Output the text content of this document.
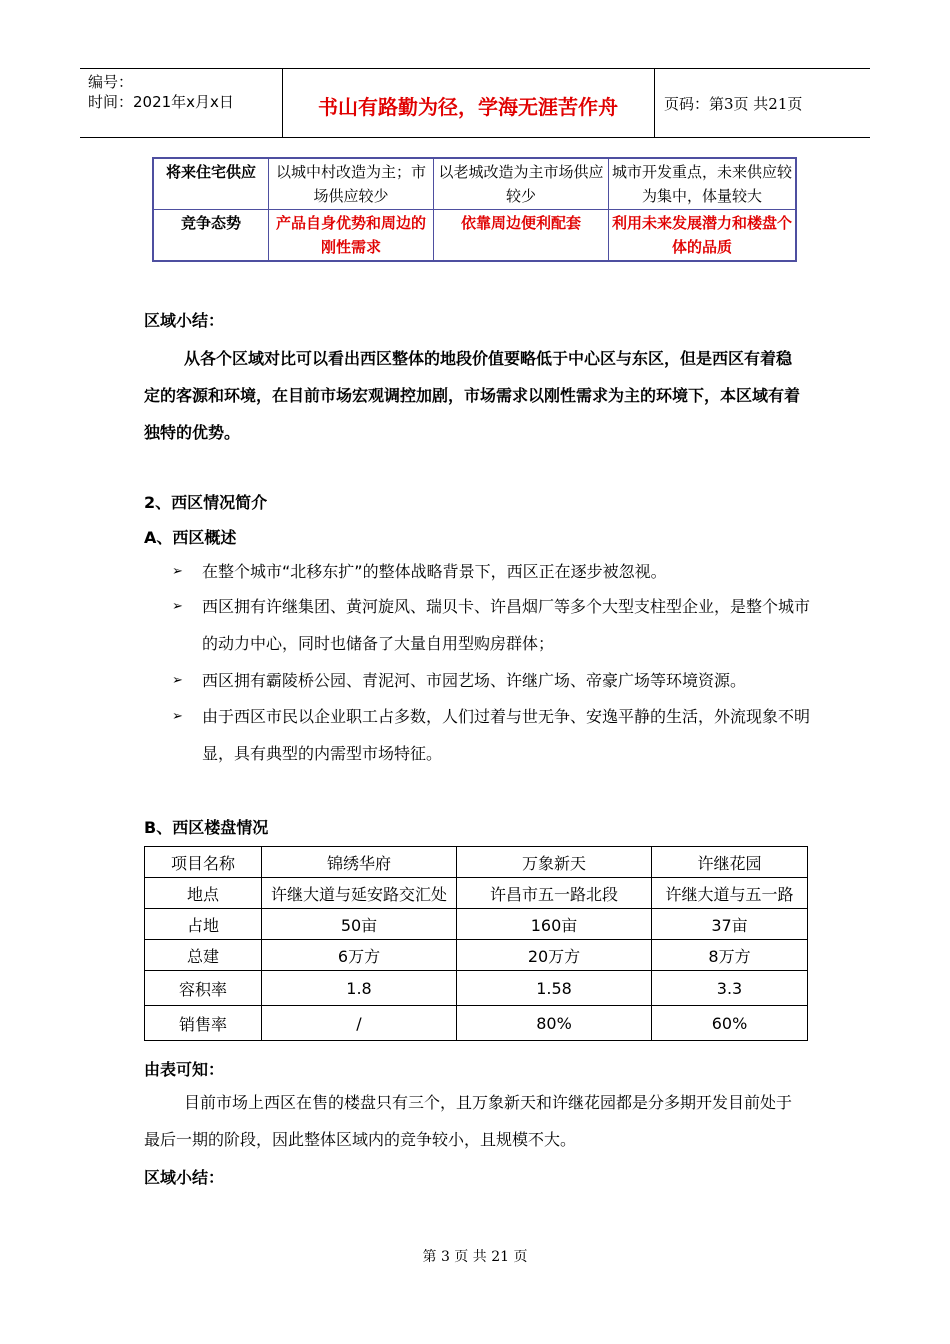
编号：
时间：2021年x月x日	书山有路勤为径，学海无涯苦作舟	页码：第3页 共21页
将来住宅供应	以城中村改造为主；市场供应较少	以老城改造为主市场供应较少	城市开发重点，未来供应较为集中，体量较大
竞争态势	产品自身优势和周边的刚性需求	依靠周边便利配套	利用未来发展潜力和楼盘个体的品质
区域小结：
从各个区域对比可以看出西区整体的地段价值要略低于中心区与东区，但是西区有着稳定的客源和环境，在目前市场宏观调控加剧，市场需求以刚性需求为主的环境下，本区域有着独特的优势。
2、西区情况简介
A、西区概述
➢ 在整个城市“北移东扩”的整体战略背景下，西区正在逐步被忽视。
➢ 西区拥有许继集团、黄河旋风、瑞贝卡、许昌烟厂等多个大型支柱型企业，是整个城市的动力中心，同时也储备了大量自用型购房群体；
➢ 西区拥有霸陵桥公园、青泥河、市园艺场、许继广场、帝豪广场等环境资源。
➢ 由于西区市民以企业职工占多数，人们过着与世无争、安逸平静的生活，外流现象不明显，具有典型的内需型市场特征。
B、西区楼盘情况
项目名称	锦绣华府	万象新天	许继花园
地点	许继大道与延安路交汇处	许昌市五一路北段	许继大道与五一路
占地	50亩	160亩	37亩
总建	6万方	20万方	8万方
容积率	1.8	1.58	3.3
销售率	/	80%	60%
由表可知：
目前市场上西区在售的楼盘只有三个，且万象新天和许继花园都是分多期开发目前处于最后一期的阶段，因此整体区域内的竞争较小，且规模不大。
区域小结：
第 3 页 共 21 页
